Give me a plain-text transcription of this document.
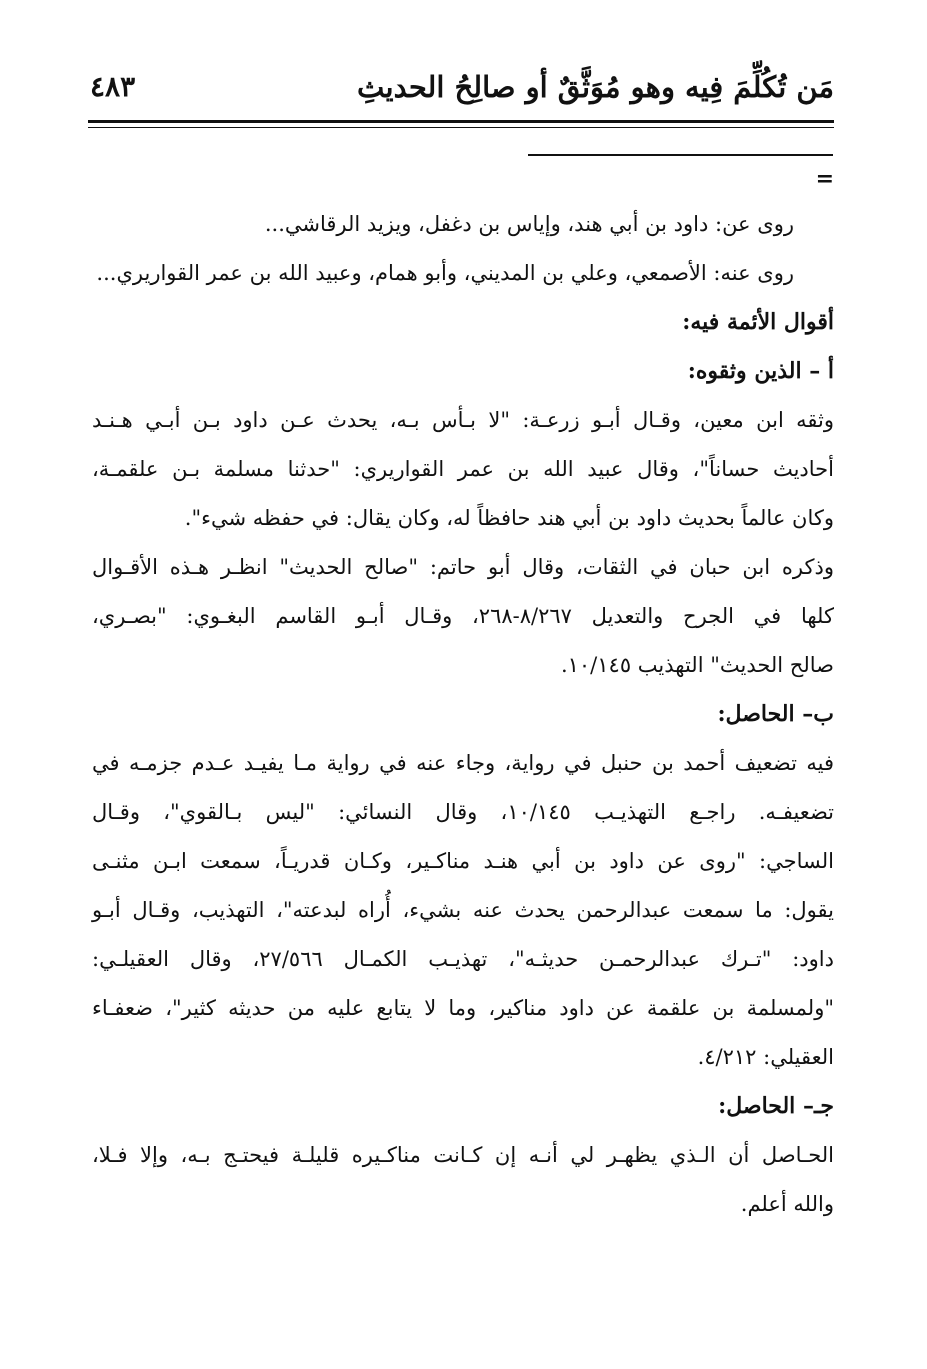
مَن تُكُلِّمَ فِيه وهو مُوَثَّقٌ أو صالِحُ الحديثِ
٤٨٣
=
روى عن: داود بن أبي هند، وإياس بن دغفل، ويزيد الرقاشي...
روى عنه: الأصمعي، وعلي بن المديني، وأبو همام، وعبيد الله بن عمر القواريري...
أقوال الأئمة فيه:
أ – الذين وثقوه:
وثقه ابن معين، وقـال أبـو زرعـة: "لا بـأس بـه، يحدث عـن داود بـن أبـي هـنـد
أحاديث حساناً"، وقال عبيد الله بن عمر القواريري: "حدثنا مسلمة بـن علقمـة،
وكان عالماً بحديث داود بن أبي هند حافظاً له، وكان يقال: في حفظه شيء".
وذكره ابن حبان في الثقات، وقال أبو حاتم: "صالح الحديث" انظـر هـذه الأقـوال
كلها في الجرح والتعديل ٨/٢٦٧-٢٦٨، وقـال أبـو القاسم البغـوي: "بصـري،
صالح الحديث" التهذيب ١٠/١٤٥.
ب– الحاصل:
فيه تضعيف أحمد بن حنبل في رواية، وجاء عنه في رواية مـا يفيـد عـدم جزمـه في
تضعيفـه. راجـع التهذيـب ١٠/١٤٥، وقال النسائي: "ليس بـالقوي"، وقـال
الساجي: "روى عن داود بن أبي هنـد مناكـير، وكـان قدريـاً، سمعت ابـن مثنـى
يقول: ما سمعت عبدالرحمن يحدث عنه بشيء، أُراه لبدعته"، التهذيب، وقـال أبـو
داود: "تـرك عبدالرحمـن حديثـه"، تهذيـب الكمـال ٢٧/٥٦٦، وقال العقيلـي:
"ولمسلمة بن علقمة عن داود مناكير، وما لا يتابع عليه من حديثه كثير"، ضعفـاء
العقيلي: ٤/٢١٢.
جـ– الحاصل:
الحـاصل أن الـذي يظهـر لي أنـه إن كـانت مناكـيره قليلـة فيحتـج بـه، وإلا فـلا،
والله أعلم.
